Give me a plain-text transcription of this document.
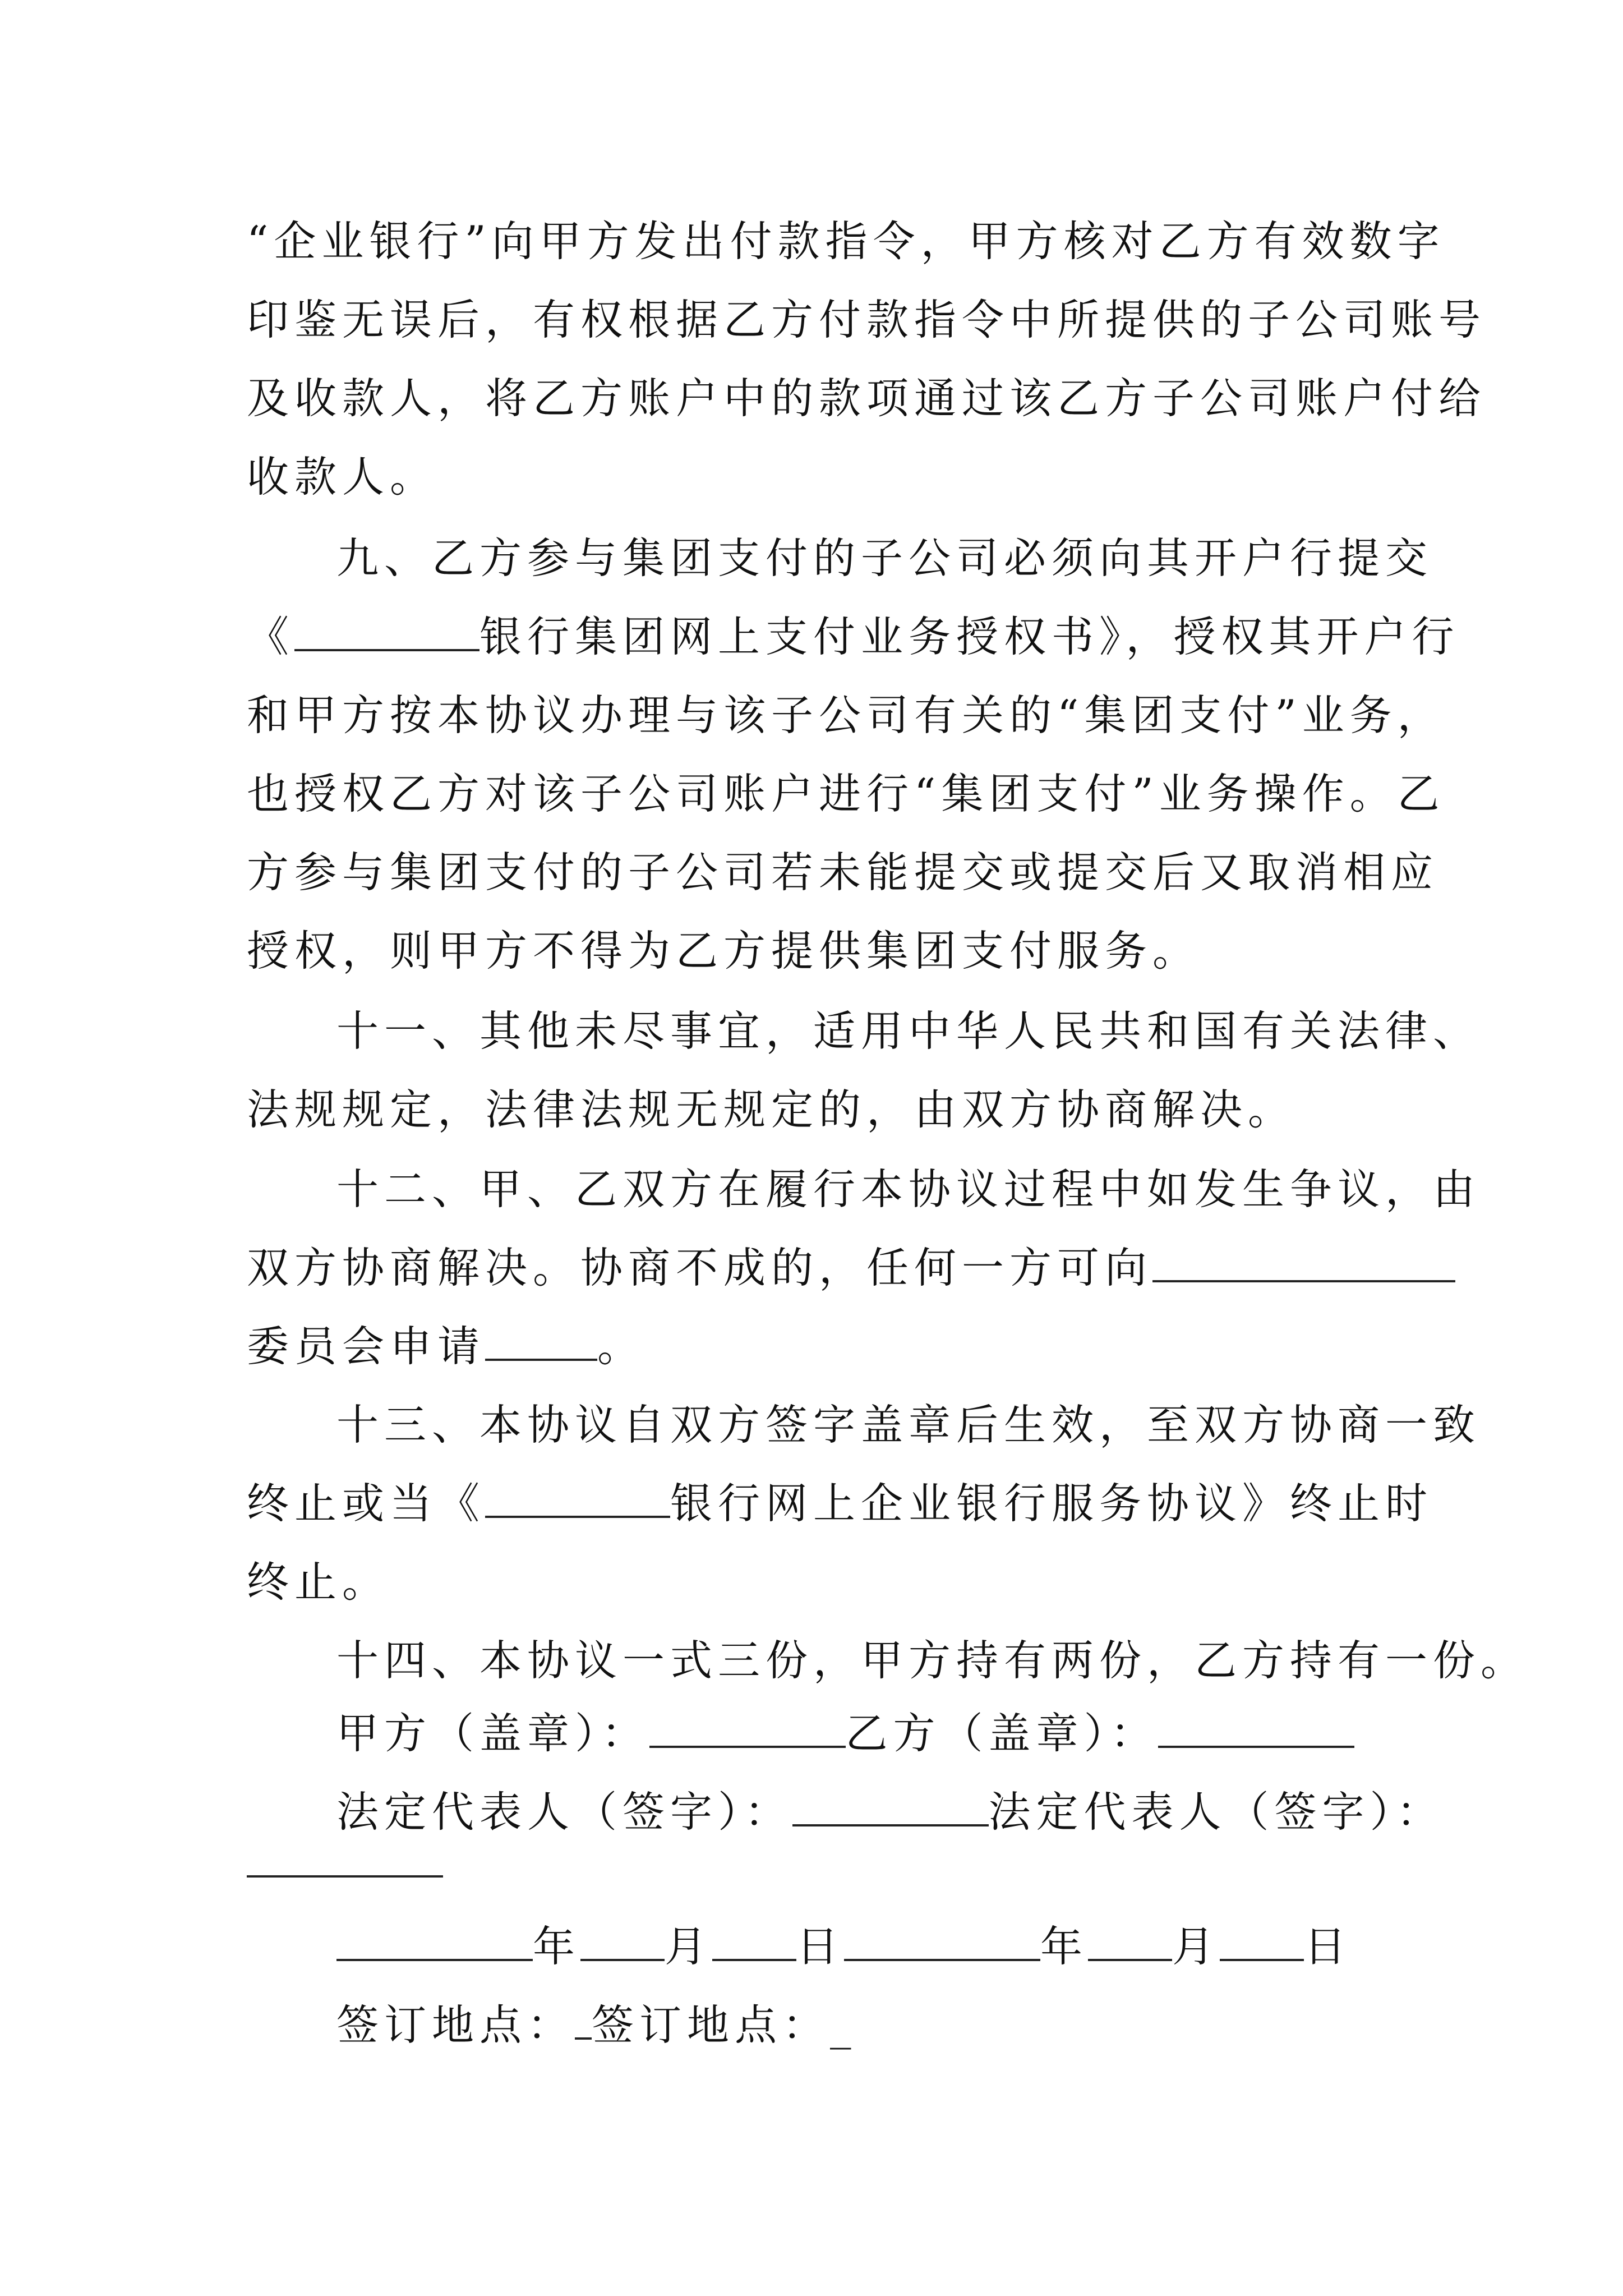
“企业银行”向甲方发出付款指令，甲方核对乙方有效数字

印鉴无误后，有权根据乙方付款指令中所提供的子公司账号

及收款人，将乙方账户中的款项通过该乙方子公司账户付给

收款人。

九、乙方参与集团支付的子公司必须向其开户行提交

《	银行集团网上支付业务授权书》，授权其开户行

和甲方按本协议办理与该子公司有关的“集团支付”业务，

也授权乙方对该子公司账户进行“集团支付”业务操作。乙

方参与集团支付的子公司若未能提交或提交后又取消相应

授权，则甲方不得为乙方提供集团支付服务。

十一、其他未尽事宜，适用中华人民共和国有关法律、

法规规定，法律法规无规定的，由双方协商解决。

十二、甲、乙双方在履行本协议过程中如发生争议，由

双方协商解决。协商不成的，任何一方可向

委员会申请	。

十三、本协议自双方签字盖章后生效，至双方协商一致

终止或当《	银行网上企业银行服务协议》终止时

终止。

十四、本协议一式三份，甲方持有两份，乙方持有一份。

甲方（盖章）：	乙方（盖章）：

法定代表人（签字）：	法定代表人（签字）：

年 月 日	年 月 日

签订地点： 签订地点：_
